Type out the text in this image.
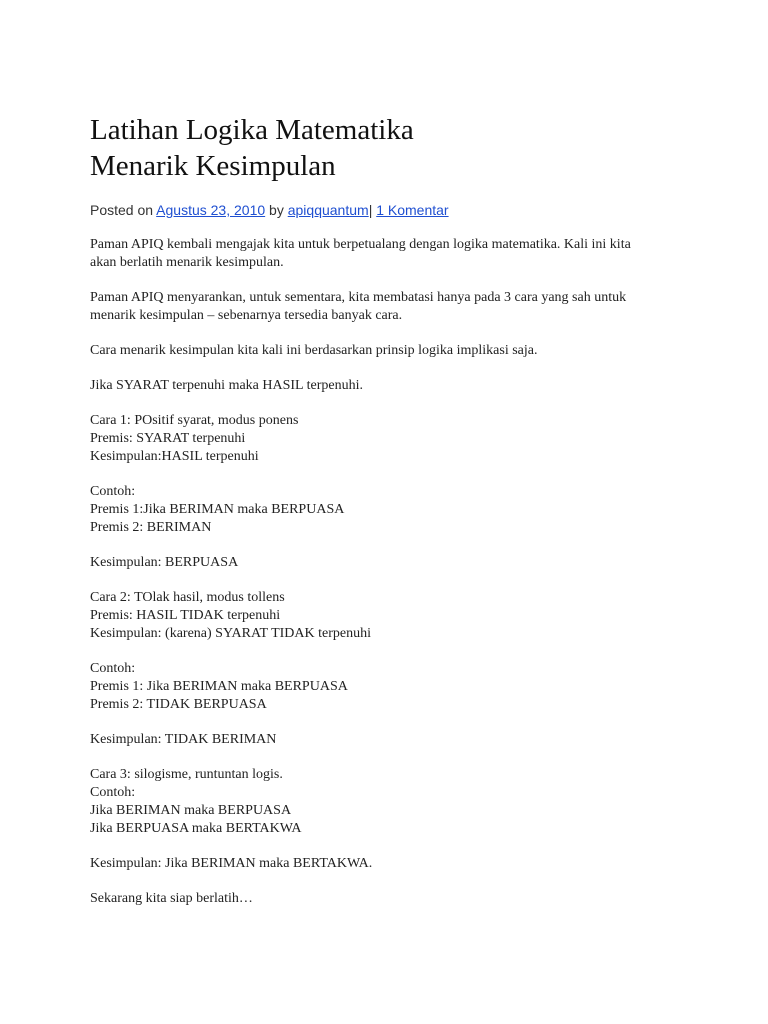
Latihan Logika Matematika
Menarik Kesimpulan
Posted on Agustus 23, 2010 by apiqquantum| 1 Komentar

Paman APIQ kembali mengajak kita untuk berpetualang dengan logika matematika. Kali ini kita
akan berlatih menarik kesimpulan.

Paman APIQ menyarankan, untuk sementara, kita membatasi hanya pada 3 cara yang sah untuk
menarik kesimpulan – sebenarnya tersedia banyak cara.

Cara menarik kesimpulan kita kali ini berdasarkan prinsip logika implikasi saja.

Jika SYARAT terpenuhi maka HASIL terpenuhi.

Cara 1: POsitif syarat, modus ponens
Premis: SYARAT terpenuhi
Kesimpulan:HASIL terpenuhi

Contoh:
Premis 1:Jika BERIMAN maka BERPUASA
Premis 2: BERIMAN

Kesimpulan: BERPUASA

Cara 2: TOlak hasil, modus tollens
Premis: HASIL TIDAK terpenuhi
Kesimpulan: (karena) SYARAT TIDAK terpenuhi

Contoh:
Premis 1: Jika BERIMAN maka BERPUASA
Premis 2: TIDAK BERPUASA

Kesimpulan: TIDAK BERIMAN

Cara 3: silogisme, runtuntan logis.
Contoh:
Jika BERIMAN maka BERPUASA
Jika BERPUASA maka BERTAKWA

Kesimpulan: Jika BERIMAN maka BERTAKWA.

Sekarang kita siap berlatih…
